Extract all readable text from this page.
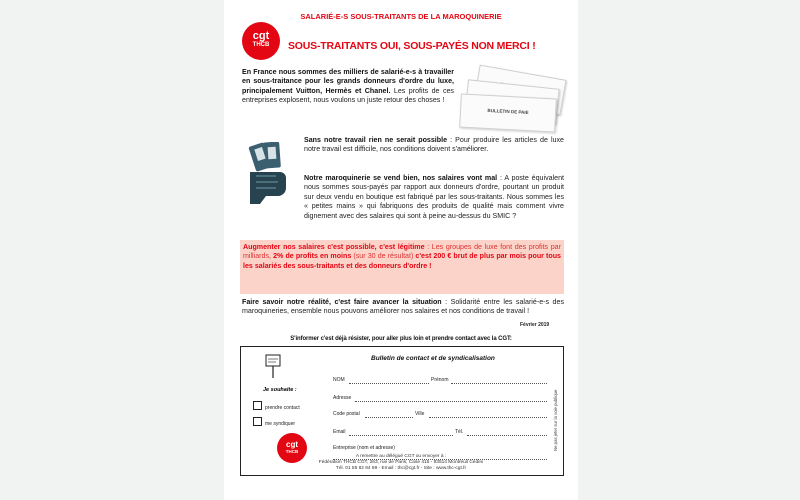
SALARIÉ-E-S SOUS-TRAITANTS DE LA MAROQUINERIE
cgt
THCB	SOUS-TRAITANTS OUI, SOUS-PAYÉS NON MERCI !
En France nous sommes des milliers de salarié-e-s à travailler en sous-traitance pour les grands donneurs d'ordre du luxe, principalement Vuitton, Hermès et Chanel. Les profits de ces entreprises explosent, nous voulons un juste retour des choses !
BULLETIN DE PAIE
Sans notre travail rien ne serait possible : Pour produire les articles de luxe notre travail est difficile, nos conditions doivent s'améliorer.
Notre maroquinerie se vend bien, nos salaires vont mal : A poste équivalent nous sommes sous-payés par rapport aux donneurs d'ordre, pourtant un produit sur deux vendu en boutique est fabriqué par les sous-traitants. Nous sommes les « petites mains » qui fabriquons des produits de qualité mais comment vivre dignement avec des salaires qui sont à peine au-dessus du SMIC ?
Augmenter nos salaires c'est possible, c'est légitime : Les groupes de luxe font des profits par milliards, 2% de profits en moins (sur 30 de résultat) c'est 200 € brut de plus par mois pour tous les salariés des sous-traitants et des donneurs d'ordre !
Faire savoir notre réalité, c'est faire avancer la situation : Solidarité entre les salarié-e-s des maroquineries, ensemble nous pouvons améliorer nos salaires et nos conditions de travail !
Février 2019
S'informer c'est déjà résister, pour aller plus loin et prendre contact avec la CGT:
Bulletin de contact et de syndicalisation
Je souhaite :
prendre contact
me syndiquer
cgt
THCB
NOM	Prénom
Adresse
Code postal	Ville
Email	Tél.
Entreprise (nom et adresse)	Ne pas jeter sur la voie publique
A remettre au délégué CGT ou envoyer à :
Fédération THCB CGT, 263, rue de Paris, Case 415 - 93514 Montreuil Cedex
Tél. 01 55 82 84 89 - Email : thc@cgt.fr - Site : www.thc-cgt.fr
